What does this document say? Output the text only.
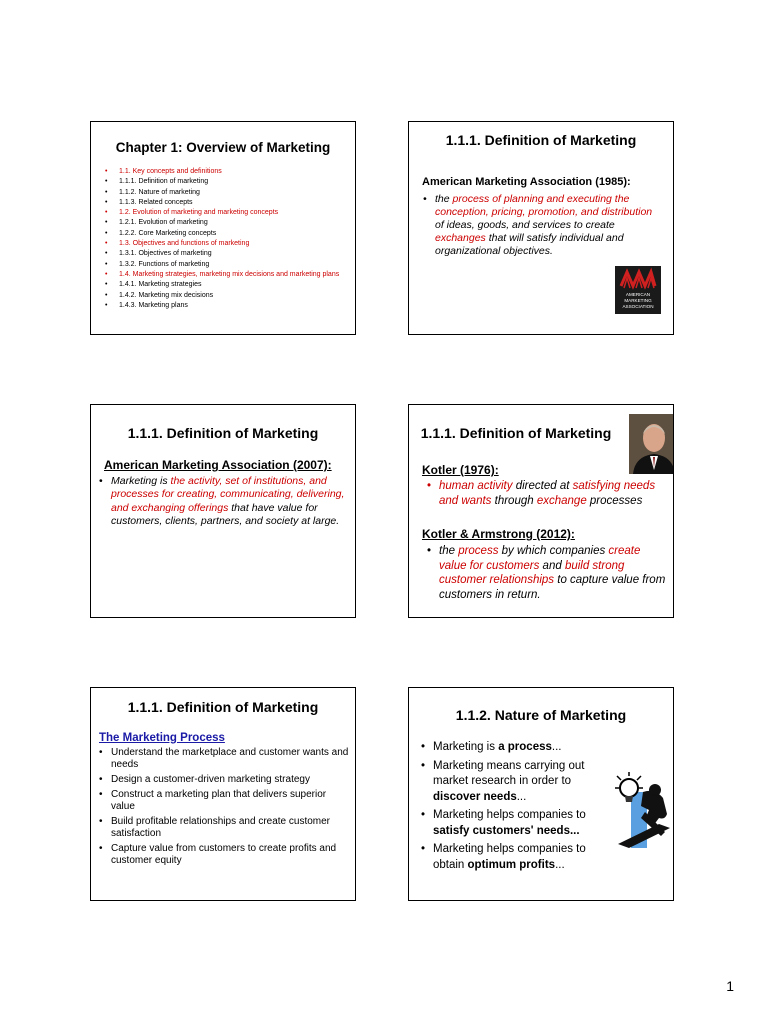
Chapter 1: Overview of Marketing
• 1.1. Key concepts and definitions
• 1.1.1. Definition of marketing
• 1.1.2. Nature of marketing
• 1.1.3. Related concepts
• 1.2. Evolution of marketing and marketing concepts
• 1.2.1. Evolution of marketing
• 1.2.2. Core Marketing concepts
• 1.3. Objectives and functions of marketing
• 1.3.1. Objectives of marketing
• 1.3.2. Functions of marketing
• 1.4. Marketing strategies, marketing mix decisions and marketing plans
• 1.4.1. Marketing strategies
• 1.4.2. Marketing mix decisions
• 1.4.3. Marketing plans
1.1.1. Definition of Marketing
American Marketing Association (1985):
• the process of planning and executing the conception, pricing, promotion, and distribution of ideas, goods, and services to create exchanges that will satisfy individual and organizational objectives.
AMERICAN
MARKETING
ASSOCIATION
1.1.1. Definition of Marketing
American Marketing Association (2007):
• Marketing is the activity, set of institutions, and processes for creating, communicating, delivering, and exchanging offerings that have value for customers, clients, partners, and society at large.
1.1.1. Definition of Marketing
Kotler (1976):
• human activity directed at satisfying needs and wants through exchange processes
Kotler & Armstrong (2012):
• the process by which companies create value for customers and build strong customer relationships to capture value from customers in return.
1.1.1. Definition of Marketing
The Marketing Process
• Understand the marketplace and customer wants and needs
• Design a customer-driven marketing strategy
• Construct a marketing plan that delivers superior value
• Build profitable relationships and create customer satisfaction
• Capture value from customers to create profits and customer equity
1.1.2. Nature of Marketing
• Marketing is a process...
• Marketing means carrying out market research in order to discover needs...
• Marketing helps companies to satisfy customers' needs...
• Marketing helps companies to obtain optimum profits...
1
